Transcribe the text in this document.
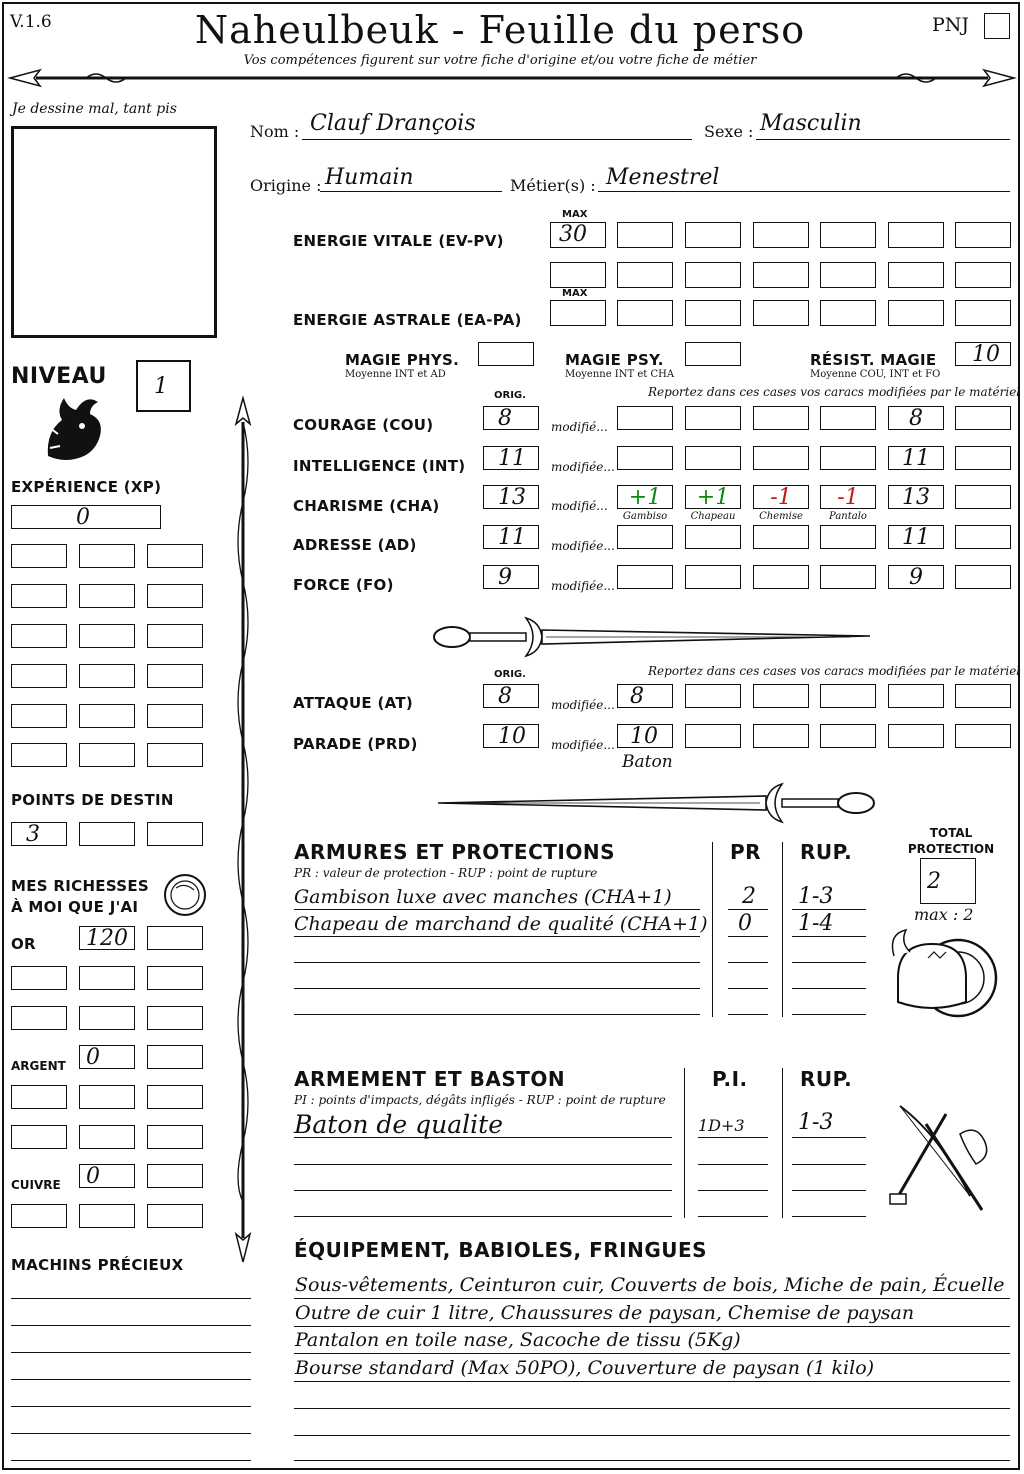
V.1.6	Naheulbeuk - Feuille du perso
Vos compétences figurent sur votre fiche d'origine et/ou votre fiche de métier
PNJ
Je dessine mal, tant pis
Nom : Clauf Drançois	Sexe : Masculin
Origine : Humain	Métier(s) : Menestrel
MAX
ENERGIE VITALE (EV-PV)	30
MAX
ENERGIE ASTRALE (EA-PA)
MAGIE PHYS.
Moyenne INT et AD
MAGIE PSY.
Moyenne INT et CHA
RÉSIST. MAGIE
Moyenne COU, INT et FO
10
NIVEAU	1
EXPÉRIENCE (XP)
0
POINTS DE DESTIN
3
MES RICHESSES
À MOI QUE J'AI
OR	120
ARGENT 0
CUIVRE	0
MACHINS PRÉCIEUX
ORIG.	Reportez dans ces cases vos caracs modifiées par le matériel
COURAGE (COU)	8	modifié...	8
INTELLIGENCE (INT)	11	modifiée...	11
CHARISME (CHA)	13	modifié... +1	+1	-1	-1	13
Gambiso	Chapeau	Chemise	Pantalo
ADRESSE (AD)	11	modifiée...	11
FORCE (FO)	9	modifiée...	9
ORIG.	Reportez dans ces cases vos caracs modifiées par le matériel
ATTAQUE (AT)	8	modifiée... 8
PARADE (PRD)	10	modifiée... 10
Baton
ARMURES ET PROTECTIONS
PR : valeur de protection - RUP : point de rupture
PR RUP.
Gambison luxe avec manches (CHA+1)	2	1-3
Chapeau de marchand de qualité (CHA+1)	0	1-4
TOTAL
PROTECTION
2
max : 2
ARMEMENT ET BASTON
PI : points d'impacts, dégâts infligés - RUP : point de rupture
P.I.	RUP.
Baton de qualite	1D+3 1-3
ÉQUIPEMENT, BABIOLES, FRINGUES
Sous-vêtements, Ceinturon cuir, Couverts de bois, Miche de pain, Écuelle
Outre de cuir 1 litre, Chaussures de paysan, Chemise de paysan
Pantalon en toile nase, Sacoche de tissu (5Kg)
Bourse standard (Max 50PO), Couverture de paysan (1 kilo)
